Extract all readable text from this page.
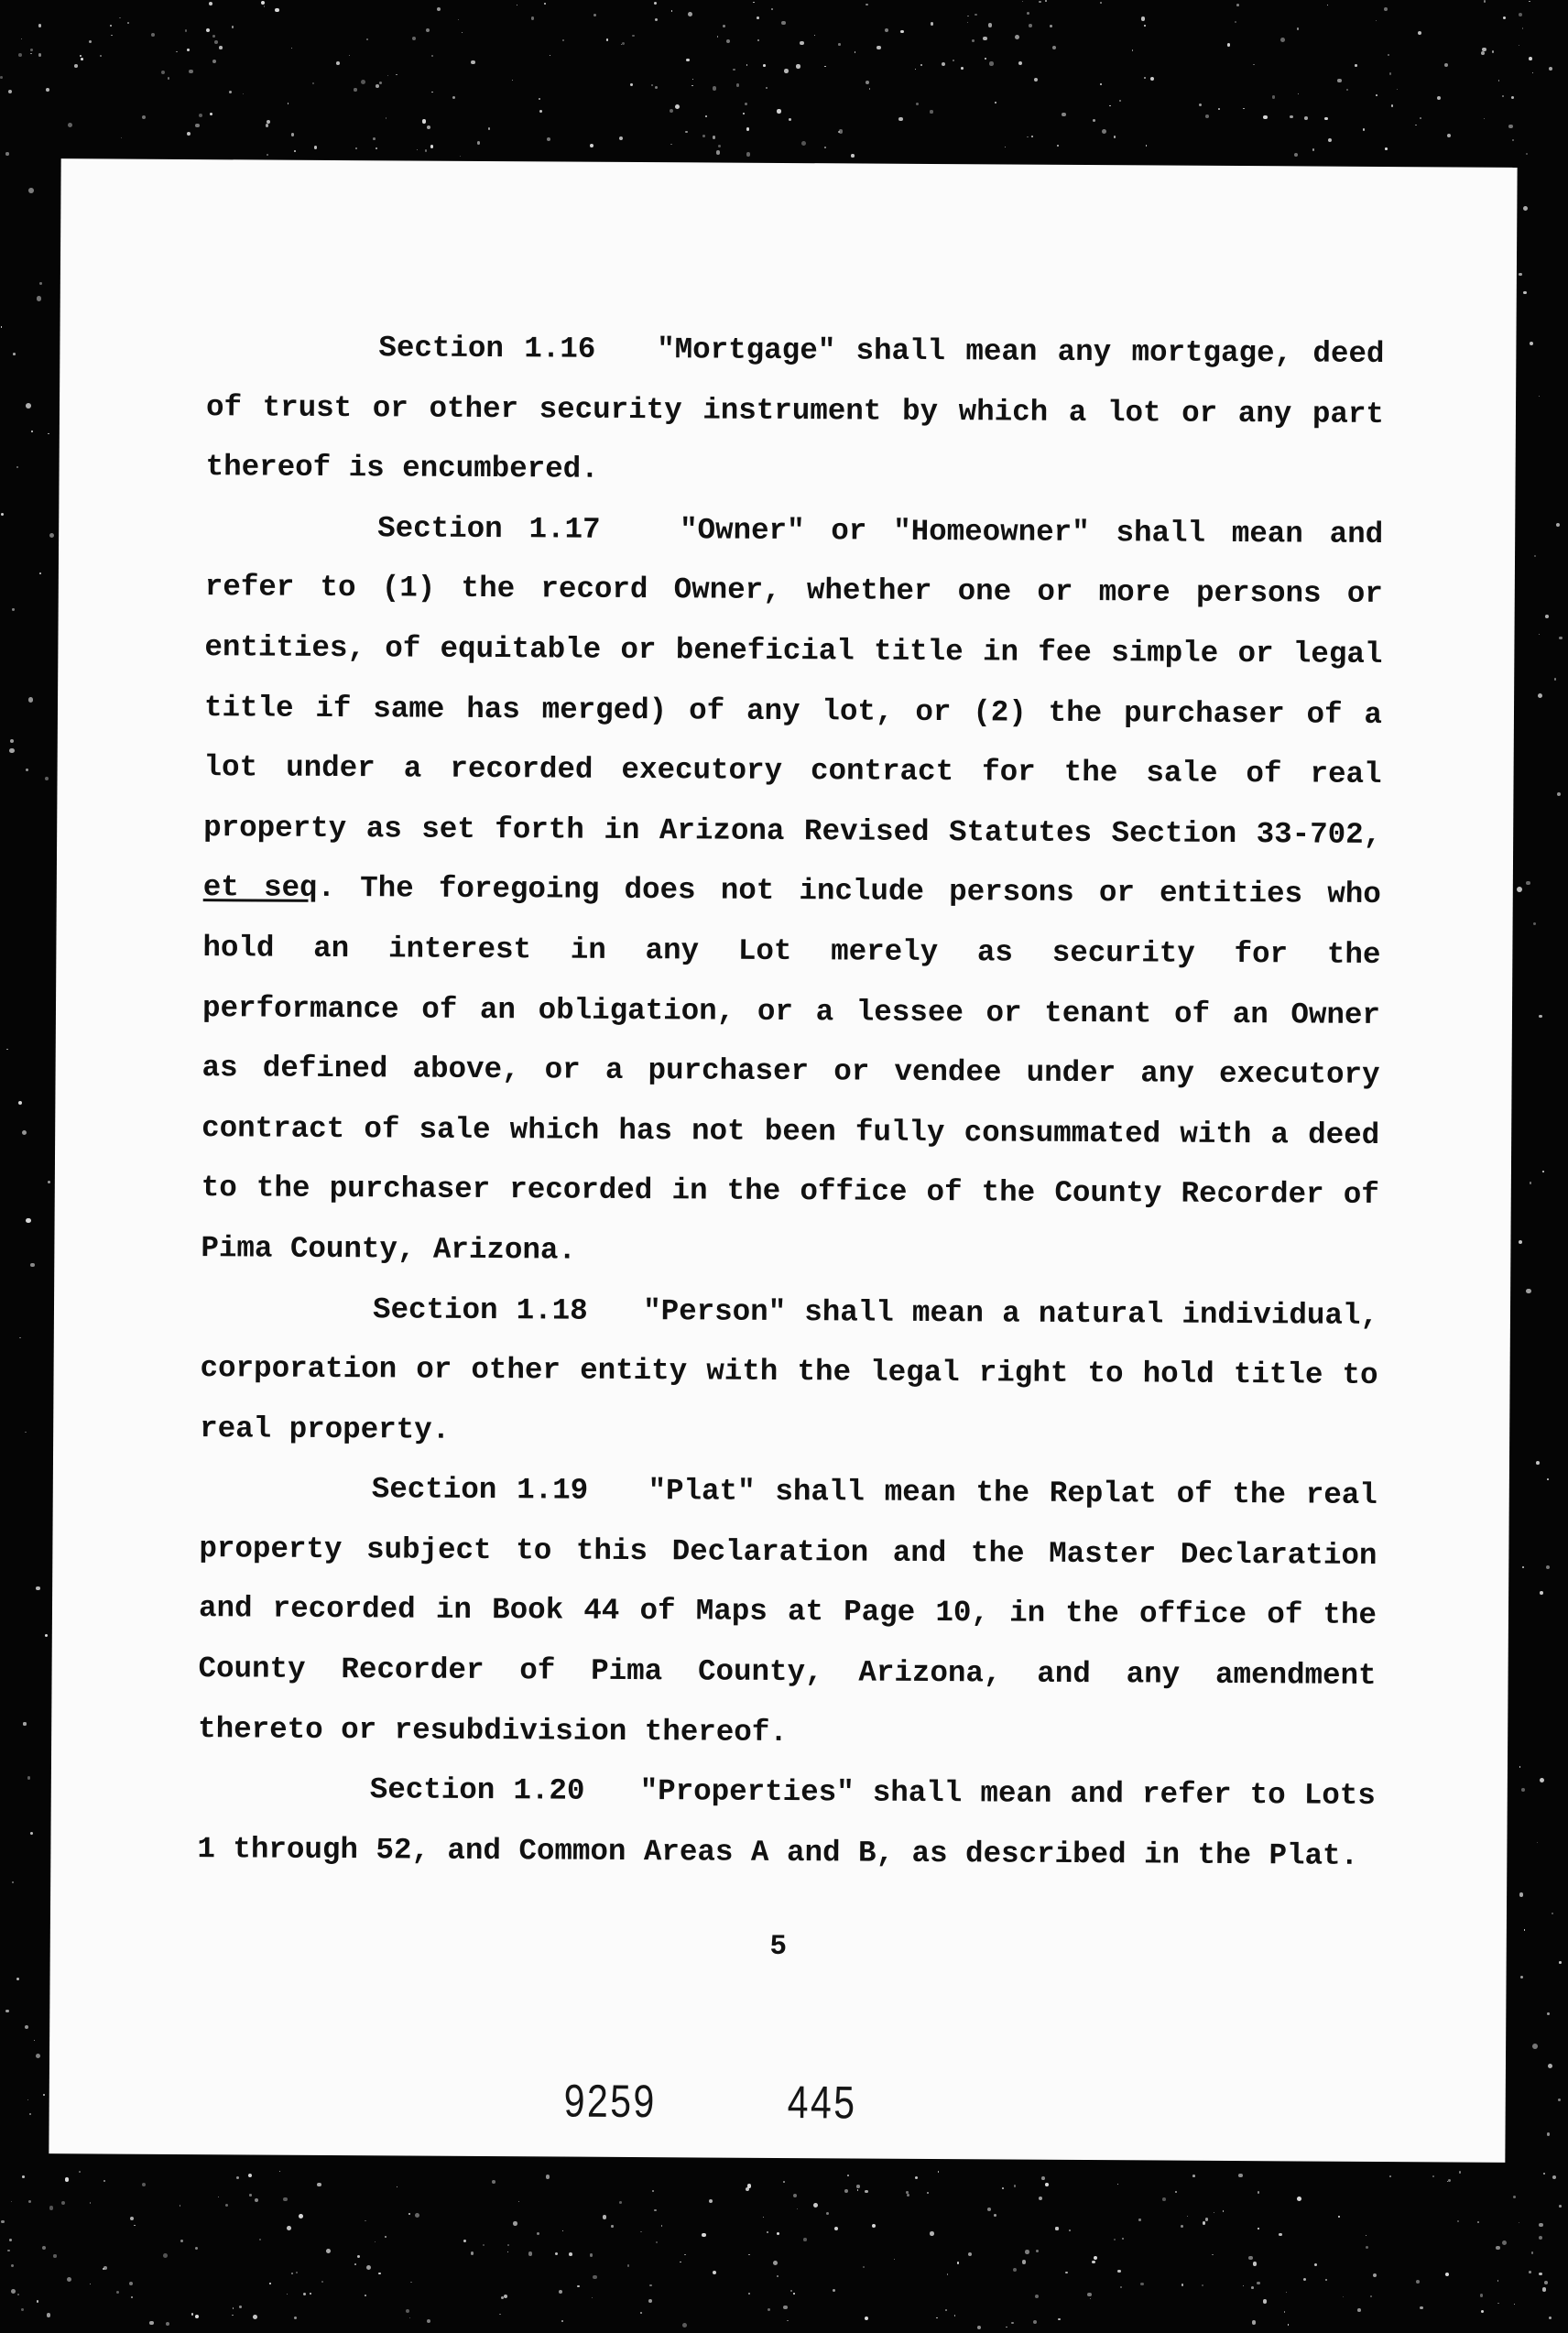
Section 1.16 "Mortgage" shall mean any mortgage, deed of trust or other security instrument by which a lot or any part thereof is encumbered.

Section 1.17	"Owner" or "Homeowner" shall mean and refer to (1) the record Owner, whether one or more persons or entities, of equitable or beneficial title in fee simple or legal title if same has merged) of any lot, or (2) the purchaser of a lot under a recorded executory contract for the sale of real property as set forth in Arizona Revised Statutes Section 33-702, et seq. The foregoing does not include persons or entities who hold an interest in any Lot merely as security for the performance of an obligation, or a lessee or tenant of an Owner as defined above, or a purchaser or vendee under any executory contract of sale which has not been fully consummated with a deed to the purchaser recorded in the office of the County Recorder of Pima County, Arizona.

Section 1.18 "Person" shall mean a natural individual, corporation or other entity with the legal right to hold title to real property.

Section 1.19 "Plat" shall mean the Replat of the real property subject to this Declaration and the Master Declaration and recorded in Book 44 of Maps at Page 10, in the office of the County Recorder of Pima County, Arizona, and any amendment thereto or resubdivision thereof.

Section 1.20 "Properties" shall mean and refer to Lots 1 through 52, and Common Areas A and B, as described in the Plat.

5
9259	445
